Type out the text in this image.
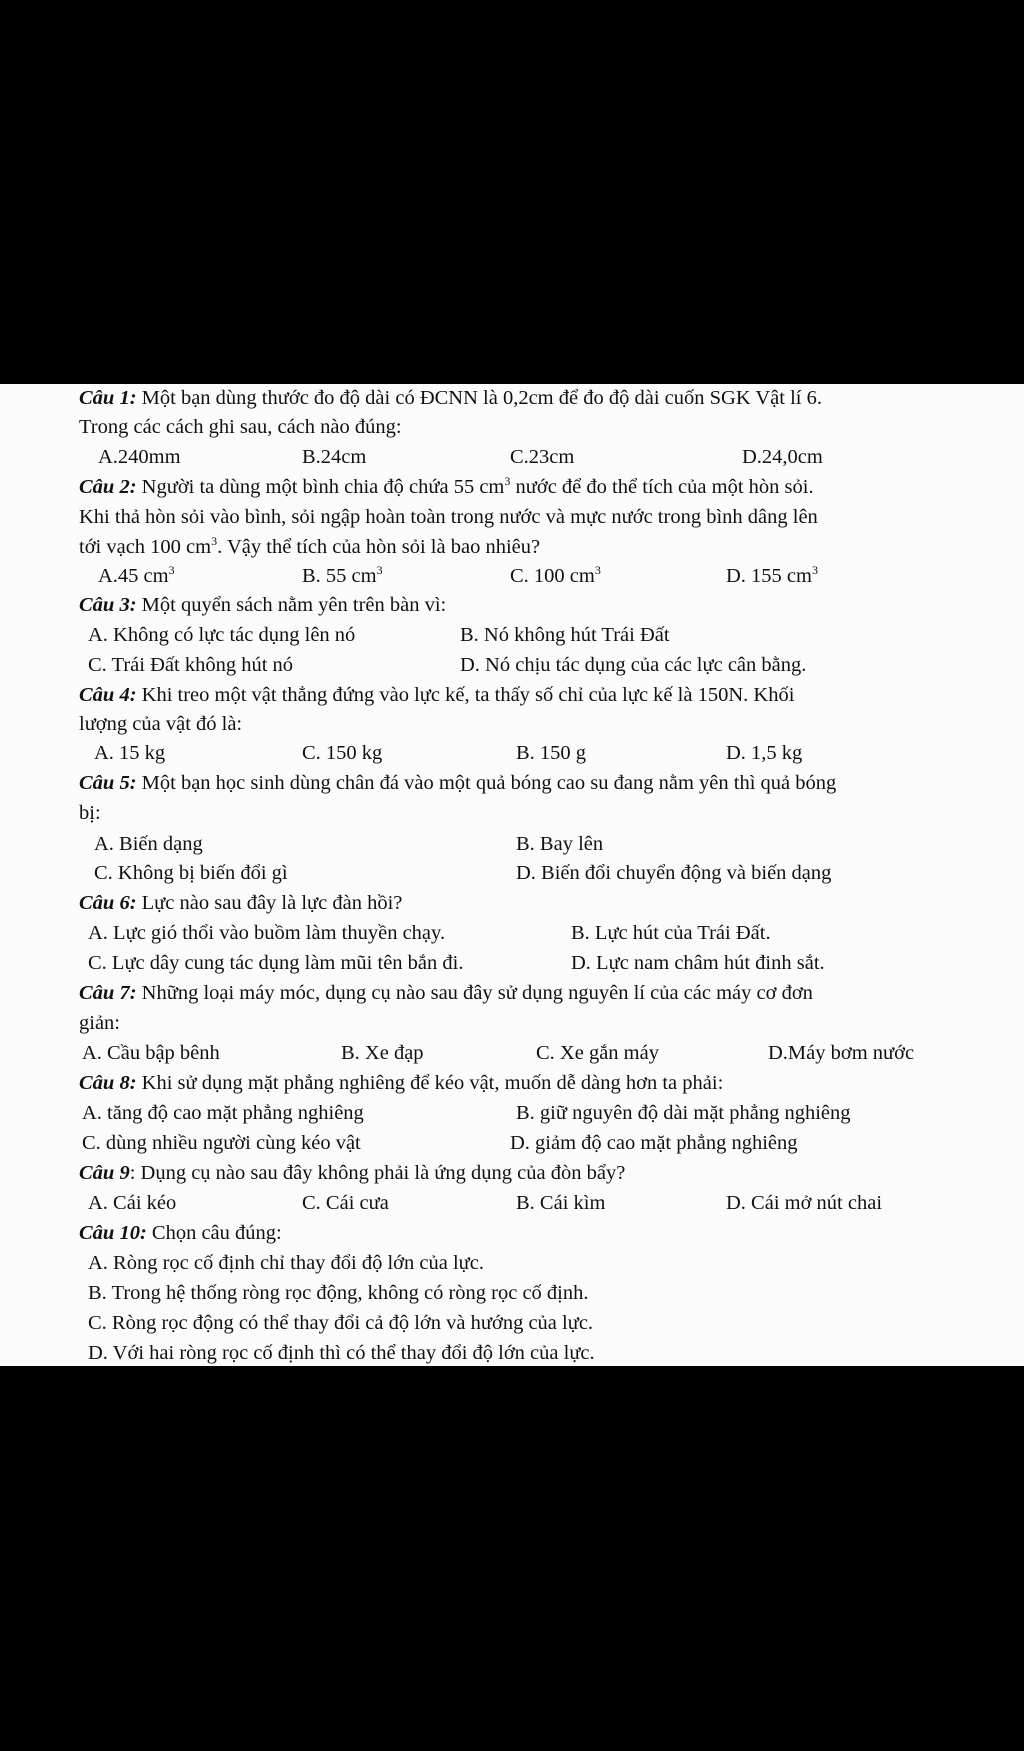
Câu 1: Một bạn dùng thước đo độ dài có ĐCNN là 0,2cm để đo độ dài cuốn SGK Vật lí 6.
Trong các cách ghi sau, cách nào đúng:
A.240mm	B.24cm	C.23cm	D.24,0cm
Câu 2: Người ta dùng một bình chia độ chứa 55 $cm^3$ nước để đo thể tích của một hòn sỏi.
Khi thả hòn sỏi vào bình, sỏi ngập hoàn toàn trong nước và mực nước trong bình dâng lên
tới vạch 100 $cm^3$. Vậy thể tích của hòn sỏi là bao nhiêu?
A.45 $cm^3$	B. 55 $cm^3$	C. 100 $cm^3$	D. 155 $cm^3$
Câu 3: Một quyển sách nằm yên trên bàn vì:
A. Không có lực tác dụng lên nó	B. Nó không hút Trái Đất
C. Trái Đất không hút nó	D. Nó chịu tác dụng của các lực cân bằng.
Câu 4: Khi treo một vật thẳng đứng vào lực kế, ta thấy số chỉ của lực kế là 150N. Khối
lượng của vật đó là:
A. 15 kg	C. 150 kg	B. 150 g	D. 1,5 kg
Câu 5: Một bạn học sinh dùng chân đá vào một quả bóng cao su đang nằm yên thì quả bóng
bị:
A. Biến dạng	B. Bay lên
C. Không bị biến đổi gì	D. Biến đổi chuyển động và biến dạng
Câu 6: Lực nào sau đây là lực đàn hồi?
A. Lực gió thổi vào buồm làm thuyền chạy.	B. Lực hút của Trái Đất.
C. Lực dây cung tác dụng làm mũi tên bắn đi.	D. Lực nam châm hút đinh sắt.
Câu 7: Những loại máy móc, dụng cụ nào sau đây sử dụng nguyên lí của các máy cơ đơn
giản:
A. Cầu bập bênh	B. Xe đạp	C. Xe gắn máy	D.Máy bơm nước
Câu 8: Khi sử dụng mặt phẳng nghiêng để kéo vật, muốn dễ dàng hơn ta phải:
A. tăng độ cao mặt phẳng nghiêng	B. giữ nguyên độ dài mặt phẳng nghiêng
C. dùng nhiều người cùng kéo vật	D. giảm độ cao mặt phẳng nghiêng
Câu 9: Dụng cụ nào sau đây không phải là ứng dụng của đòn bẩy?
A. Cái kéo	C. Cái cưa	B. Cái kìm	D. Cái mở nút chai
Câu 10: Chọn câu đúng:
A. Ròng rọc cố định chỉ thay đổi độ lớn của lực.
B. Trong hệ thống ròng rọc động, không có ròng rọc cố định.
C. Ròng rọc động có thể thay đổi cả độ lớn và hướng của lực.
D. Với hai ròng rọc cố định thì có thể thay đổi độ lớn của lực.
